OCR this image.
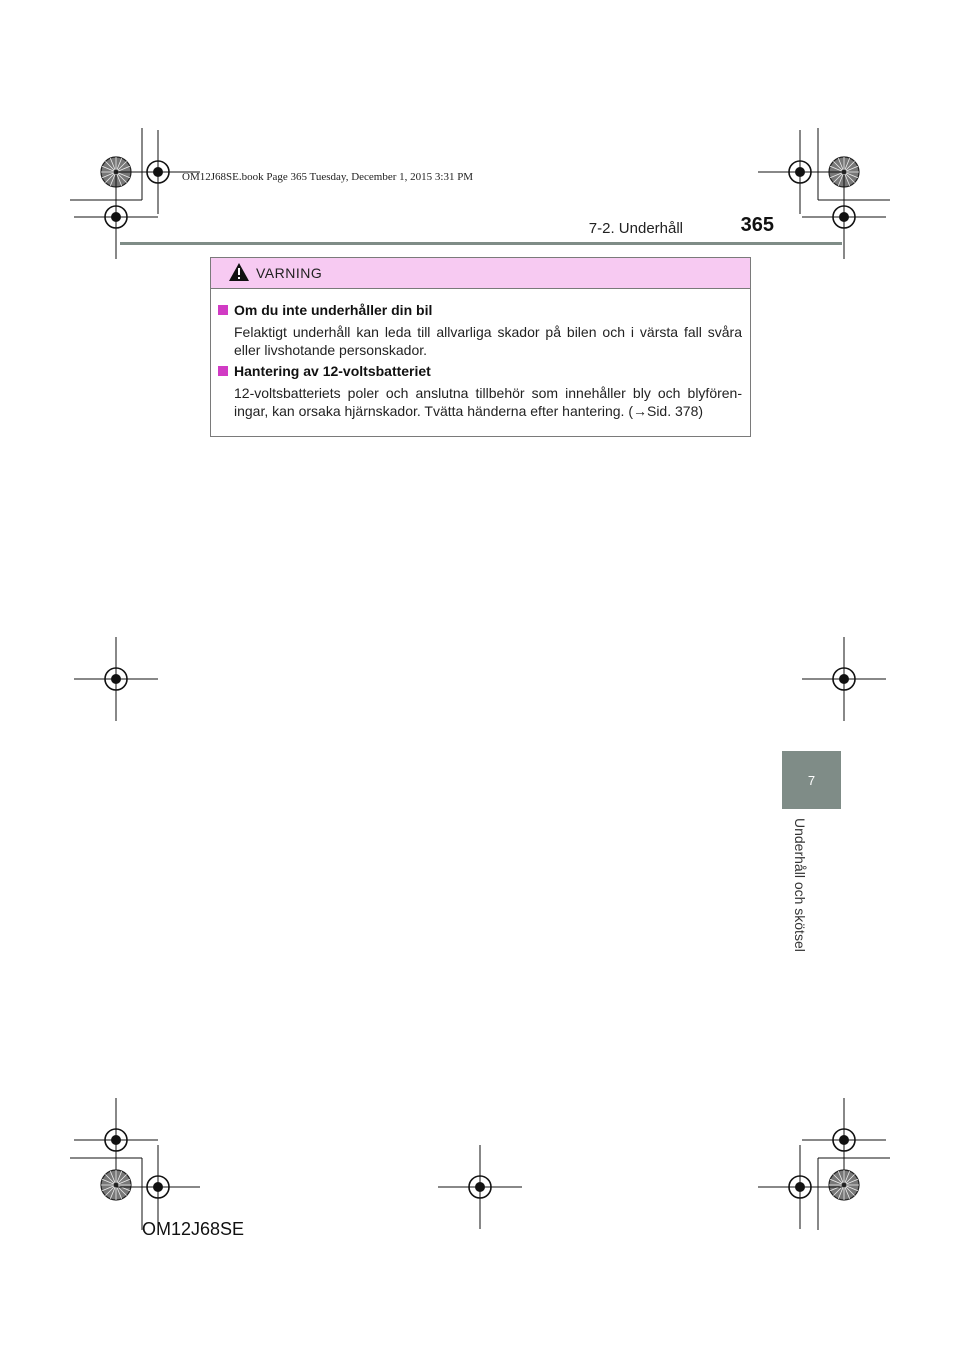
OM12J68SE.book Page 365 Tuesday, December 1, 2015 3:31 PM
7-2. Underhåll	365
VARNING
Om du inte underhåller din bil
Felaktigt underhåll kan leda till allvarliga skador på bilen och i värsta fall svåra eller livshotande personskador.
Hantering av 12-voltsbatteriet
12-voltsbatteriets poler och anslutna tillbehör som innehåller bly och blyfören-ingar, kan orsaka hjärnskador. Tvätta händerna efter hantering. (→Sid. 378)
7
Underhåll och skötsel
OM12J68SE
